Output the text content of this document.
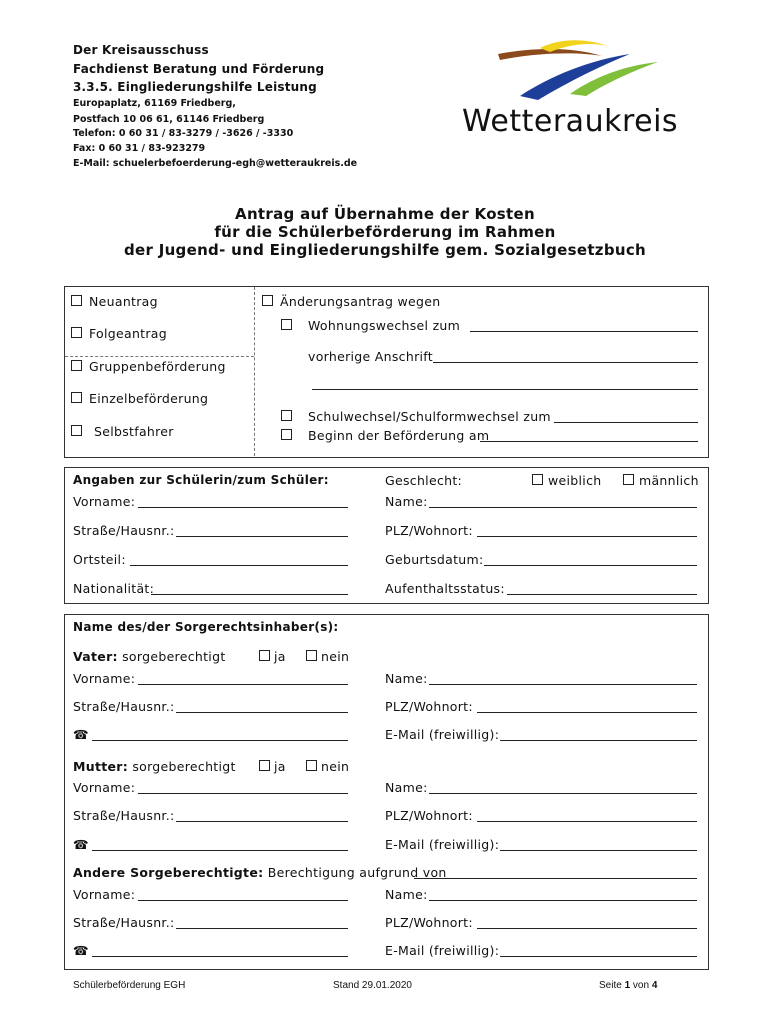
Der Kreisausschuss
Fachdienst Beratung und Förderung
3.3.5. Eingliederungshilfe Leistung
Europaplatz, 61169 Friedberg,
Postfach 10 06 61, 61146 Friedberg
Telefon: 0 60 31 / 83-3279 / -3626 / -3330
Fax: 0 60 31 / 83-923279
E-Mail: schuelerbefoerderung-egh@wetteraukreis.de
Wetteraukreis
Antrag auf Übernahme der Kosten
für die Schülerbeförderung im Rahmen
der Jugend- und Eingliederungshilfe gem. Sozialgesetzbuch
Neuantrag
Folgeantrag
Gruppenbeförderung
Einzelbeförderung
Selbstfahrer
Änderungsantrag wegen
Wohnungswechsel zum
vorherige Anschrift
Schulwechsel/Schulformwechsel zum
Beginn der Beförderung am
Angaben zur Schülerin/zum Schüler:	Geschlecht:	weiblich	männlich
Vorname:	Name:
Straße/Hausnr.:	PLZ/Wohnort:
Ortsteil:	Geburtsdatum:
Nationalität:	Aufenthaltsstatus:
Name des/der Sorgerechtsinhaber(s):
Vater: sorgeberechtigt	ja	nein
Vorname:	Name:
Straße/Hausnr.:	PLZ/Wohnort:
☎	E-Mail (freiwillig):
Mutter: sorgeberechtigt	ja	nein
Vorname:	Name:
Straße/Hausnr.:	PLZ/Wohnort:
☎	E-Mail (freiwillig):
Andere Sorgeberechtigte: Berechtigung aufgrund von
Vorname:	Name:
Straße/Hausnr.:	PLZ/Wohnort:
☎	E-Mail (freiwillig):
Schülerbeförderung EGH	Stand 29.01.2020	Seite 1 von 4
